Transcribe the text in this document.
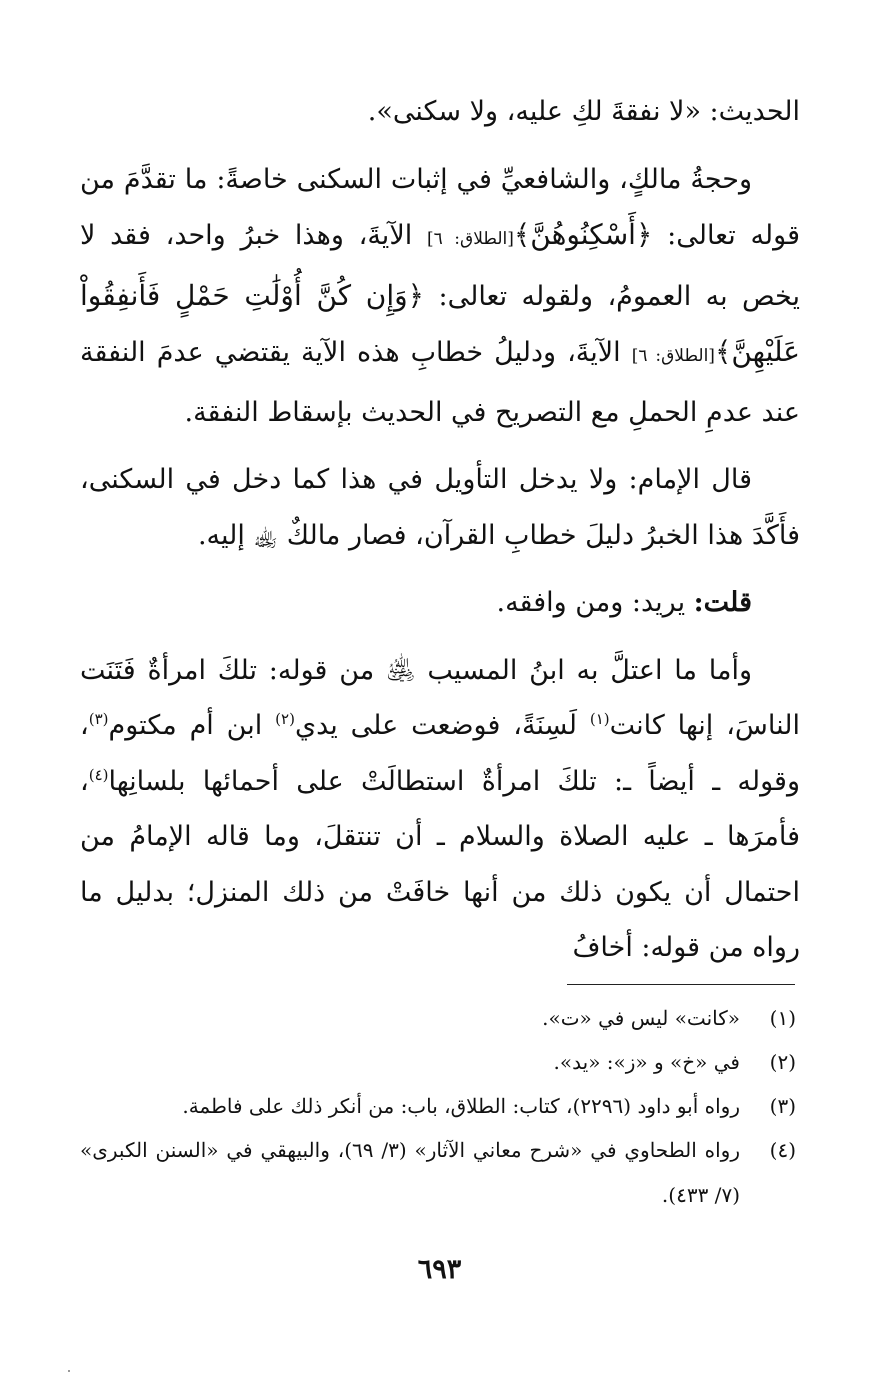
الحديث: «لا نفقةَ لكِ عليه، ولا سكنى».

وحجةُ مالكٍ، والشافعيِّ في إثبات السكنى خاصةً: ما تقدَّمَ من قوله تعالى: ﴿أَسْكِنُوهُنَّ﴾[الطلاق: ٦] الآيةَ، وهذا خبرُ واحد، فقد لا يخص به العمومُ، ولقوله تعالى: ﴿وَإِن كُنَّ أُوْلَٰتِ حَمْلٍ فَأَنفِقُواْ عَلَيْهِنَّ﴾[الطلاق: ٦] الآيةَ، ودليلُ خطابِ هذه الآية يقتضي عدمَ النفقة عند عدمِ الحملِ مع التصريح في الحديث بإسقاط النفقة.

قال الإمام: ولا يدخل التأويل في هذا كما دخل في السكنى، فأَكَّدَ هذا الخبرُ دليلَ خطابِ القرآن، فصار مالكٌ ﵀ إليه.

قلت: يريد: ومن وافقه.

وأما ما اعتلَّ به ابنُ المسيب ﵁ من قوله: تلكَ امرأةٌ فَتَنَت الناسَ، إنها كانت$^{(١)}$ لَسِنَةً، فوضعت على يدي$^{(٢)}$ ابن أم مكتوم$^{(٣)}$، وقوله ـ أيضاً ـ: تلكَ امرأةٌ استطالَتْ على أحمائها بلسانِها$^{(٤)}$، فأمرَها ـ عليه الصلاة والسلام ـ أن تنتقلَ، وما قاله الإمامُ من احتمال أن يكون ذلك من أنها خافَتْ من ذلك المنزل؛ بدليل ما رواه من قوله: أخافُ

(١)
«كانت» ليس في «ت».
(٢)
في «خ» و «ز»: «يد».
(٣)
رواه أبو داود (٢٢٩٦)، كتاب: الطلاق، باب: من أنكر ذلك على فاطمة.
(٤)
رواه الطحاوي في «شرح معاني الآثار» (٣/ ٦٩)، والبيهقي في «السنن الكبرى» (٧/ ٤٣٣).
٦٩٣
